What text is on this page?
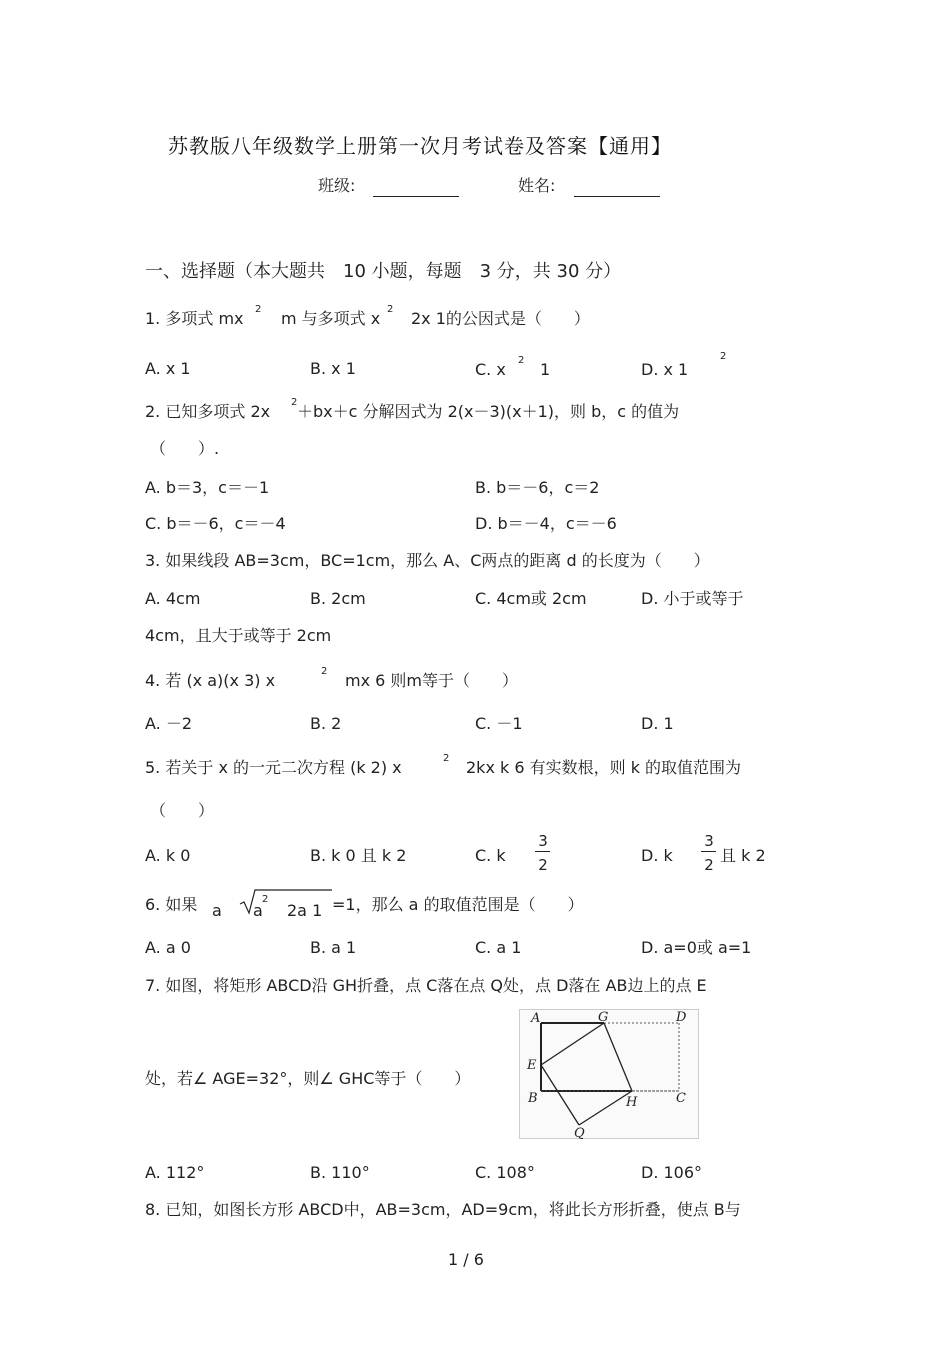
苏教版八年级数学上册第一次月考试卷及答案【通用】
班级:	姓名:
一、选择题（本大题共　10 小题，每题　3 分，共 30 分）
1. 多项式 mx 2 m 与多项式 x 2 2x 1的公因式是（　　）
A. x 1	B. x 1	C. x 2 1	D. x 1
2
2. 已知多项式 2x 2 ＋bx＋c 分解因式为 2(x－3)(x＋1)，则 b，c 的值为
（　　）.
A. b＝3，c＝－1	B. b＝－6，c＝2
C. b＝－6，c＝－4	D. b＝－4，c＝－6
3. 如果线段 AB=3cm，BC=1cm，那么 A、C两点的距离 d 的长度为（　　）
A. 4cm	B. 2cm	C. 4cm或 2cm	D. 小于或等于
4cm，且大于或等于 2cm
4. 若 (x a)(x 3) x	2 mx 6 则m等于（　　）
A. －2	B. 2	C. －1	D. 1
5. 若关于 x 的一元二次方程 (k 2) x	2 2kx k 6 有实数根，则 k 的取值范围为
（　　）
A. k 0	B. k 0 且 k 2	C. k
3
2	D. k
3
2 且 k 2
6. 如果 a a
2
2a 1 =1，那么 a 的取值范围是（　　）
A. a 0	B. a 1	C. a 1	D. a=0或 a=1
7. 如图，将矩形 ABCD沿 GH折叠，点 C落在点 Q处，点 D落在 AB边上的点 E
处，若∠ AGE=32°，则∠ GHC等于（　　）
A	G	D
E
B	H	C
Q
A. 112°	B. 110°	C. 108°	D. 106°
8. 已知，如图长方形 ABCD中，AB=3cm，AD=9cm，将此长方形折叠，使点 B与
1 / 6
